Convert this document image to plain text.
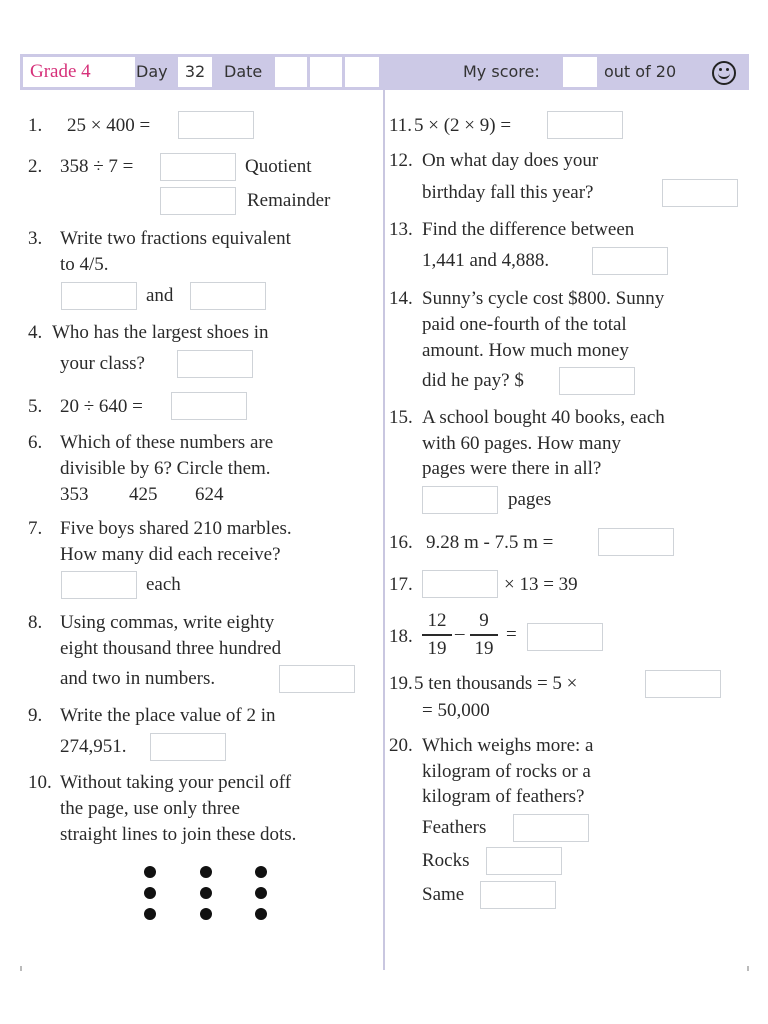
Grade 4	Day	32	Date	My score:	out of 20
1. 25 × 400 =
2. 358 ÷ 7 =	Quotient
Remainder
3. Write two fractions equivalent
to 4/5.
and
4. Who has the largest shoes in
your class?
5. 20 ÷ 640 =
6. Which of these numbers are
divisible by 6? Circle them.
353 425 624
7. Five boys shared 210 marbles.
How many did each receive?
each
8. Using commas, write eighty
eight thousand three hundred
and two in numbers.
9. Write the place value of 2 in
274,951.
10. Without taking your pencil off
the page, use only three
straight lines to join these dots.
11. 5 × (2 × 9) =
12. On what day does your
birthday fall this year?
13. Find the difference between
1,441 and 4,888.
14. Sunny’s cycle cost $800. Sunny
paid one-fourth of the total
amount. How much money
did he pay? $
15. A school bought 40 books, each
with 60 pages. How many
pages were there in all?
pages
16. 9.28 m - 7.5 m =
17.	× 13 = 39
18.
12
19
–
9
19
=
19. 5 ten thousands = 5 ×
= 50,000
20. Which weighs more: a
kilogram of rocks or a
kilogram of feathers?
Feathers
Rocks
Same
